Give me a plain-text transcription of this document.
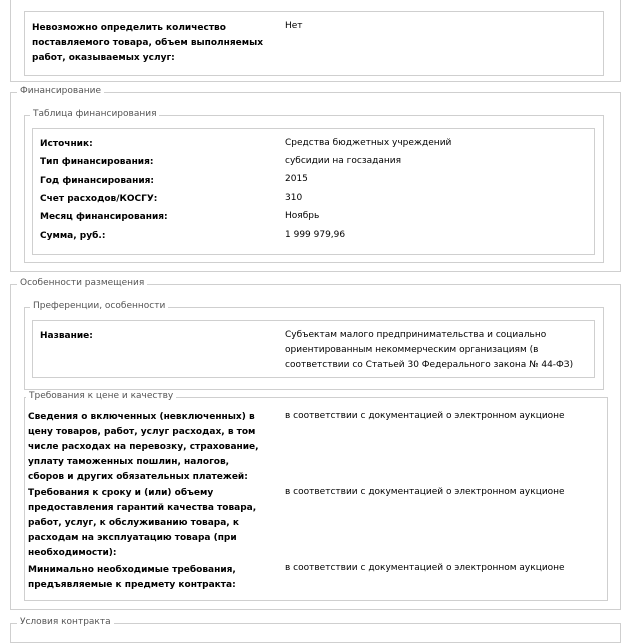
Невозможно определить количество поставляемого товара, объем выполняемых работ, оказываемых услуг:
Нет
Финансирование
Таблица финансирования
Источник:	Средства бюджетных учреждений
Тип финансирования:	субсидии на госзадания
Год финансирования:	2015
Счет расходов/КОСГУ:	310
Месяц финансирования:	Ноябрь
Сумма, руб.:	1 999 979,96
Особенности размещения
Преференции, особенности
Название:	Субъектам малого предпринимательства и социально ориентированным некоммерческим организациям (в соответствии со Статьей 30 Федерального закона № 44-ФЗ)
Требования к цене и качеству
Сведения о включенных (невключенных) в цену товаров, работ, услуг расходах, в том числе расходах на перевозку, страхование, уплату таможенных пошлин, налогов, сборов и других обязательных платежей:
в соответствии с документацией о электронном аукционе
Требования к сроку и (или) объему предоставления гарантий качества товара, работ, услуг, к обслуживанию товара, к расходам на эксплуатацию товара (при необходимости):
в соответствии с документацией о электронном аукционе
Минимально необходимые требования, предъявляемые к предмету контракта:
в соответствии с документацией о электронном аукционе
Условия контракта
